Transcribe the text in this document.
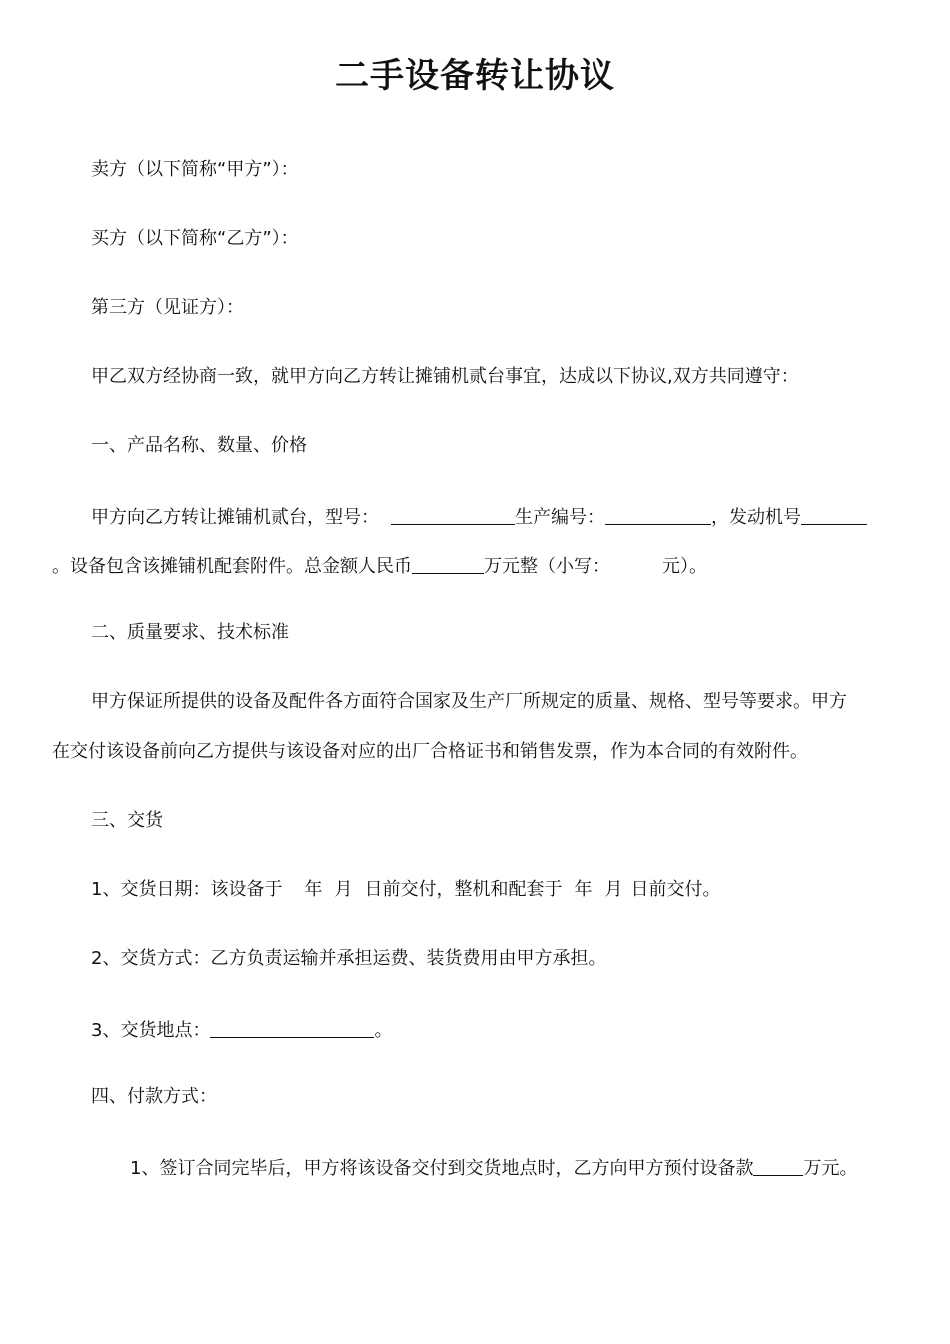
二手设备转让协议

卖方（以下简称“甲方”）：

买方（以下简称“乙方”）：

第三方（见证方）：

甲乙双方经协商一致，就甲方向乙方转让摊铺机贰台事宜，达成以下协议,双方共同遵守：

一、产品名称、数量、价格

甲方向乙方转让摊铺机贰台，型号：	生产编号：	，发动机号

。设备包含该摊铺机配套附件。总金额人民币	万元整（小写：	元）。

二、质量要求、技术标准

甲方保证所提供的设备及配件各方面符合国家及生产厂所规定的质量、规格、型号等要求。甲方

在交付该设备前向乙方提供与该设备对应的出厂合格证书和销售发票，作为本合同的有效附件。

三、交货

1、交货日期：该设备于 年 月 日前交付，整机和配套于 年 月 日前交付。

2、交货方式：乙方负责运输并承担运费、装货费用由甲方承担。

3、交货地点：	。

四、付款方式：

1、签订合同完毕后，甲方将该设备交付到交货地点时，乙方向甲方预付设备款	万元。
